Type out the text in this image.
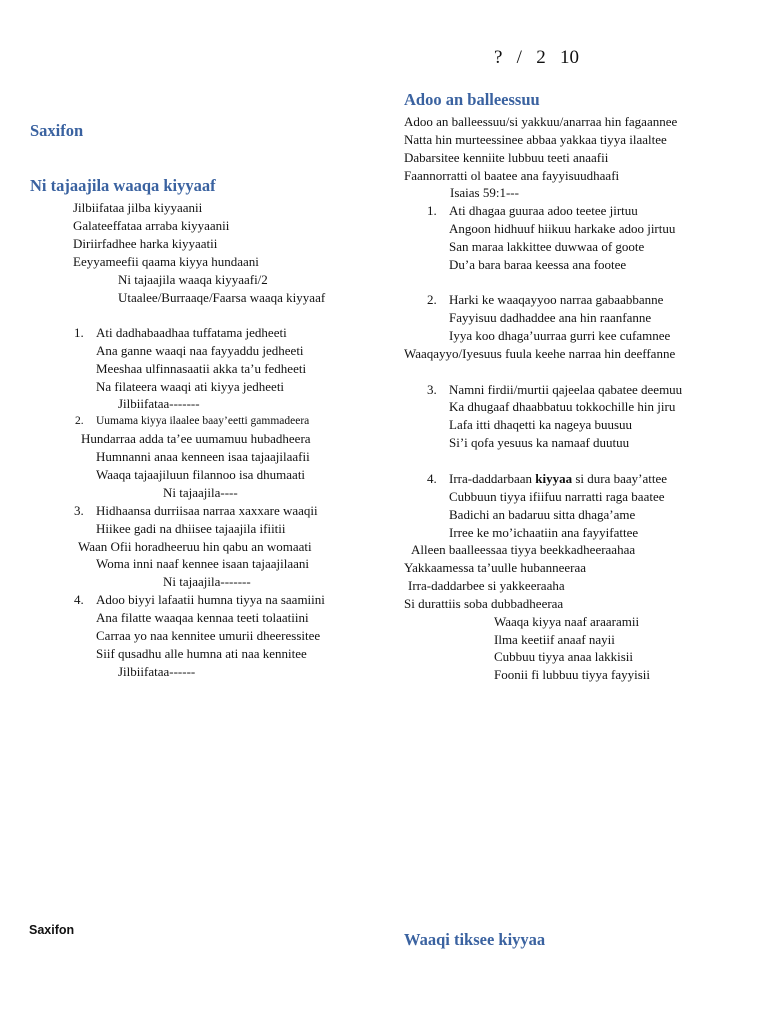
?   /   2   10
Saxifon
Ni tajaajila waaqa kiyyaaf
Jilbiifataa jilba kiyyaanii
Galateeffataa arraba kiyyaanii
Diriirfadhee harka kiyyaatii
Eeyyameefii qaama kiyya hundaani
Ni tajaajila waaqa kiyyaafi/2
Utaalee/Burraaqe/Faarsa waaqa kiyyaaf
1. Ati dadhabaadhaa tuffatama jedheeti
Ana ganne waaqi naa fayyaddu jedheeti
Meeshaa ulfinnasaatii akka ta’u fedheeti
Na filateera waaqi ati kiyya jedheeti
Jilbiifataa-------
2. Uumama kiyya ilaalee baay’eetti gammadeera
Hundarraa adda ta’ee uumamuu hubadheera
Humnanni anaa kenneen isaa tajaajilaafii
Waaqa tajaajiluun filannoo isa dhumaati
Ni tajaajila----
3. Hidhaansa durriisaa narraa xaxxare waaqii
Hiikee gadi na dhiisee tajaajila ifiitii
Waan Ofii horadheeruu hin qabu an womaati
Woma inni naaf kennee isaan tajaajilaani
Ni tajaajila-------
4. Adoo biyyi lafaatii humna tiyya na saamiini
Ana filatte waaqaa kennaa teeti tolaatiini
Carraa yo naa kennitee umurii dheeressitee
Siif qusadhu alle humna ati naa kennitee
Jilbiifataa------
Adoo an balleessuu
Adoo an balleessuu/si yakkuu/anarraa hin fagaannee
Natta hin murteessinee abbaa yakkaa tiyya ilaaltee
Dabarsitee kenniite lubbuu teeti anaafii
Faannorratti ol baatee ana fayyisuudhaafi
Isaias 59:1---
1. Ati dhagaa guuraa adoo teetee jirtuu
Angoon hidhuuf hiikuu harkake adoo jirtuu
San maraa lakkittee duwwaa of goote
Du’a bara baraa keessa ana footee
2. Harki ke waaqayyoo narraa gabaabbanne
Fayyisuu dadhaddee ana hin raanfanne
Iyya koo dhaga’uurraa gurri kee cufamnee
Waaqayyo/Iyesuus fuula keehe narraa hin deeffanne
3. Namni firdii/murtii qajeelaa qabatee deemuu
Ka dhugaaf dhaabbatuu tokkochille hin jiru
Lafa itti dhaqetti ka nageya buusuu
Si’i qofa yesuus ka namaaf duutuu
4. Irra-daddarbaan kiyyaa si dura baay’attee
Cubbuun tiyya ifiifuu narratti raga baatee
Badichi an badaruu sitta dhaga’ame
Irree ke mo’ichaatiin ana fayyifattee
Alleen baalleessaa tiyya beekkadheeraahaa
Yakkaamessa ta’uulle hubanneeraa
Irra-daddarbee si yakkeeraaha
Si durattiis soba dubbadheeraa
Waaqa kiyya naaf araaramii
Ilma keetiif anaaf nayii
Cubbuu tiyya anaa lakkisii
Foonii fi lubbuu tiyya fayyisii
Saxifon	Waaqi tiksee kiyyaa
